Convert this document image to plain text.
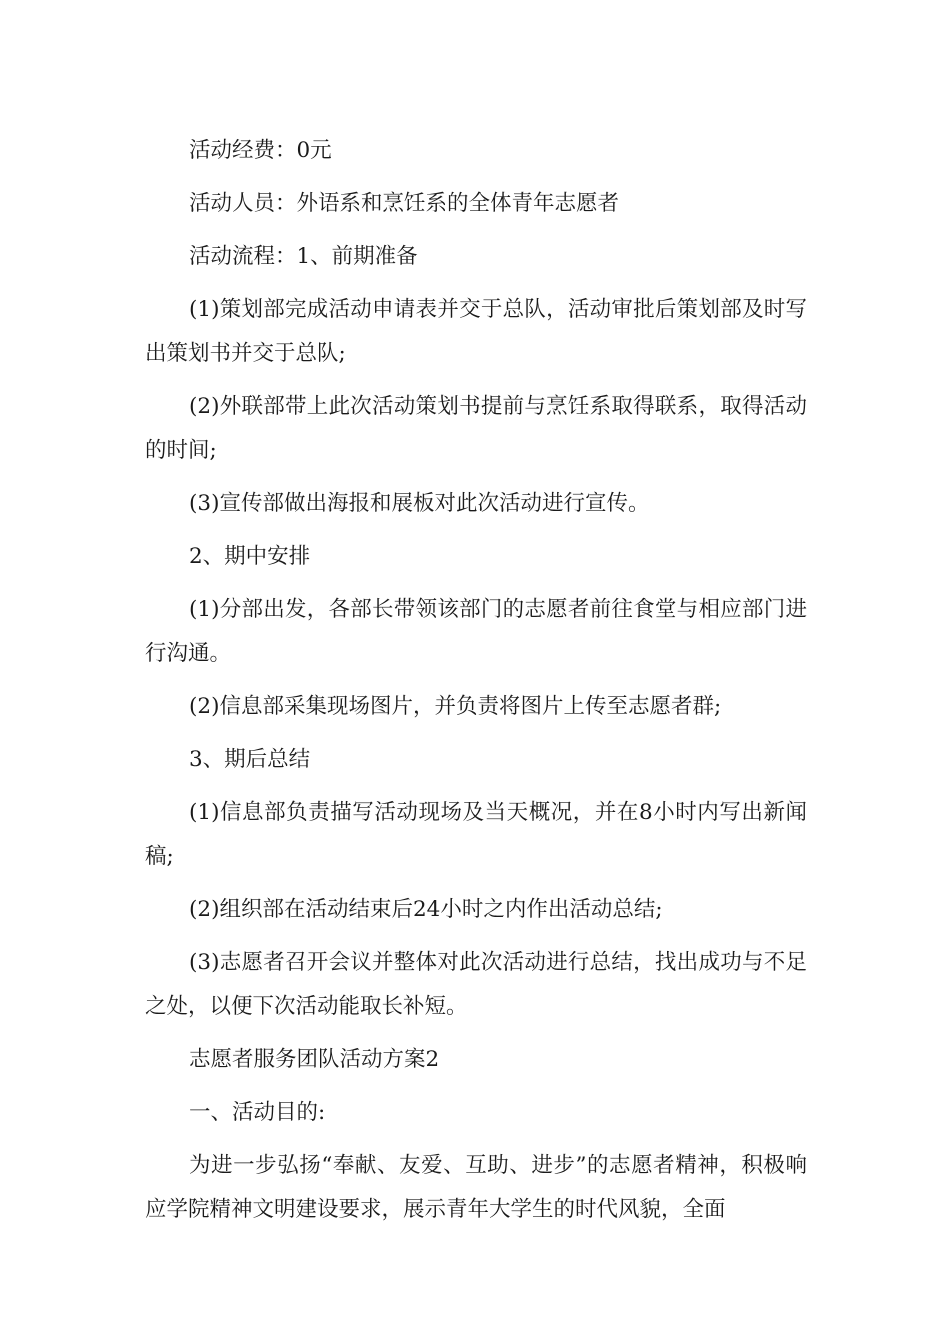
活动经费：0元

活动人员：外语系和烹饪系的全体青年志愿者

活动流程：1、前期准备

(1)策划部完成活动申请表并交于总队，活动审批后策划部及时写出策划书并交于总队;

(2)外联部带上此次活动策划书提前与烹饪系取得联系，取得活动的时间;

(3)宣传部做出海报和展板对此次活动进行宣传。

2、期中安排

(1)分部出发，各部长带领该部门的志愿者前往食堂与相应部门进行沟通。

(2)信息部采集现场图片，并负责将图片上传至志愿者群;

3、期后总结

(1)信息部负责描写活动现场及当天概况，并在8小时内写出新闻稿;

(2)组织部在活动结束后24小时之内作出活动总结;

(3)志愿者召开会议并整体对此次活动进行总结，找出成功与不足之处，以便下次活动能取长补短。

志愿者服务团队活动方案2

一、活动目的:

为进一步弘扬“奉献、友爱、互助、进步”的志愿者精神，积极响应学院精神文明建设要求，展示青年大学生的时代风貌，全面
